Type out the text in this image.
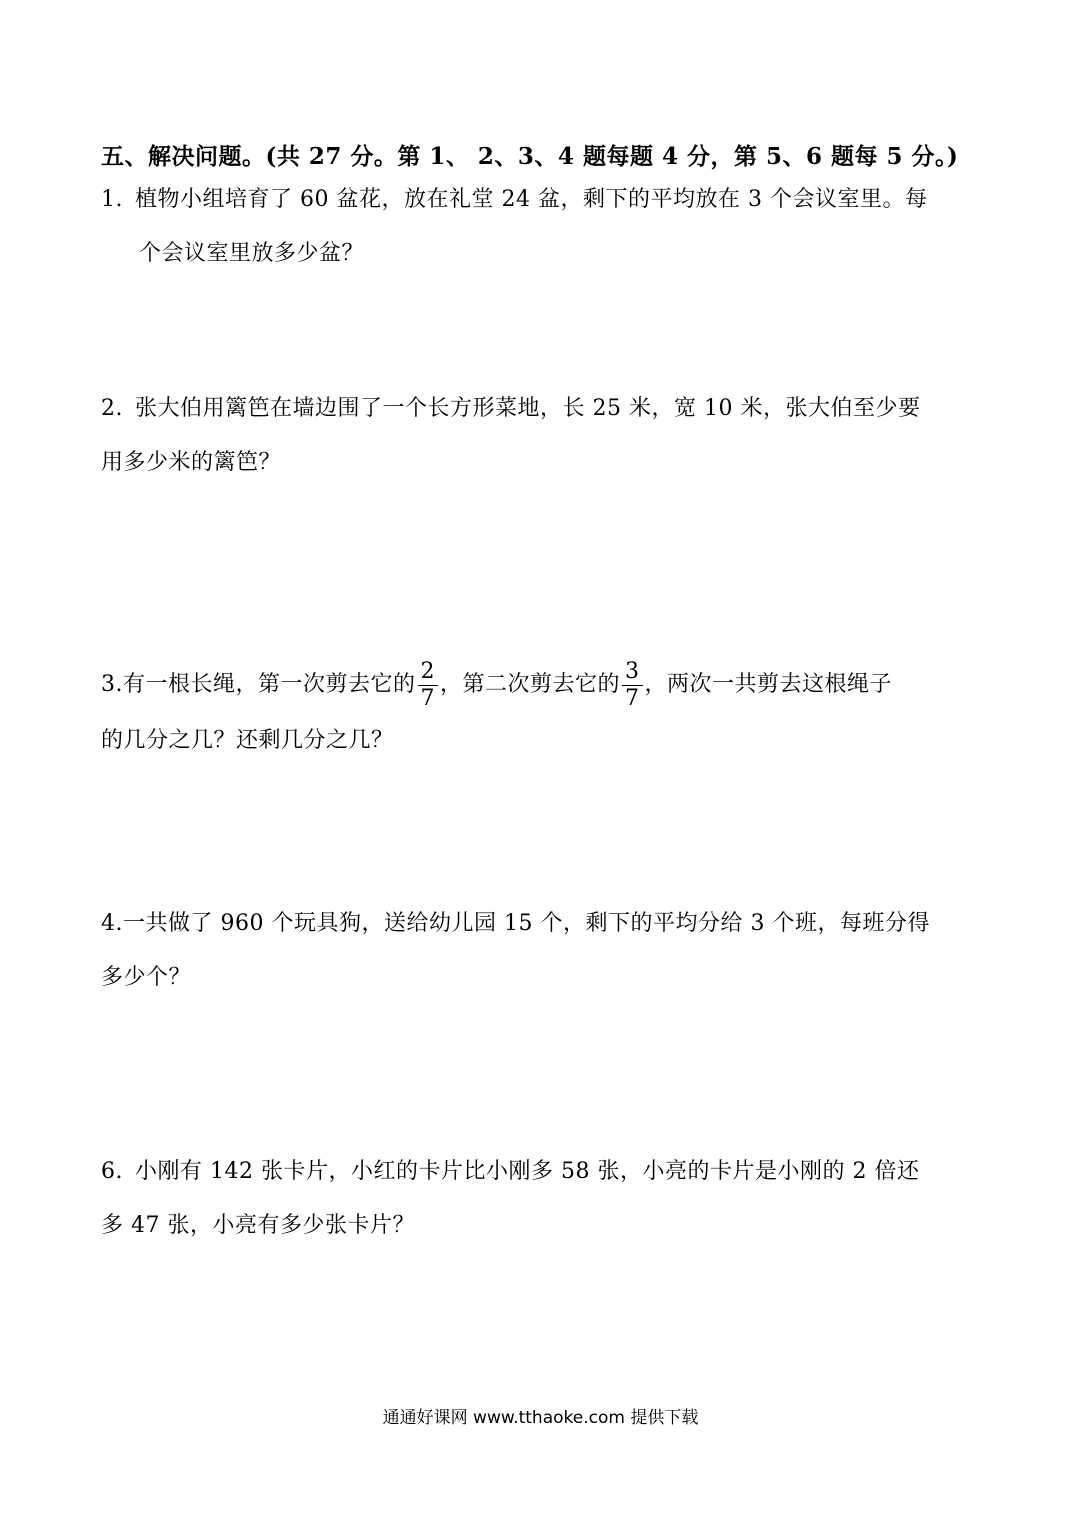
五、解决问题。(共 27 分。第 1、 2、3、4 题每题 4 分，第 5、6 题每 5 分。)

1. 植物小组培育了 60 盆花，放在礼堂 24 盆，剩下的平均放在 3 个会议室里。每

个会议室里放多少盆？

2. 张大伯用篱笆在墙边围了一个长方形菜地，长 25 米，宽 10 米，张大伯至少要

用多少米的篱笆？

3.有一根长绳，第一次剪去它的 $\frac{2}{7}$ ，第二次剪去它的 $\frac{3}{7}$ ，两次一共剪去这根绳子

的几分之几？还剩几分之几？

4.一共做了 960 个玩具狗，送给幼儿园 15 个，剩下的平均分给 3 个班，每班分得

多少个？

6. 小刚有 142 张卡片，小红的卡片比小刚多 58 张，小亮的卡片是小刚的 2 倍还

多 47 张，小亮有多少张卡片？

通通好课网 www.tthaoke.com 提供下载
